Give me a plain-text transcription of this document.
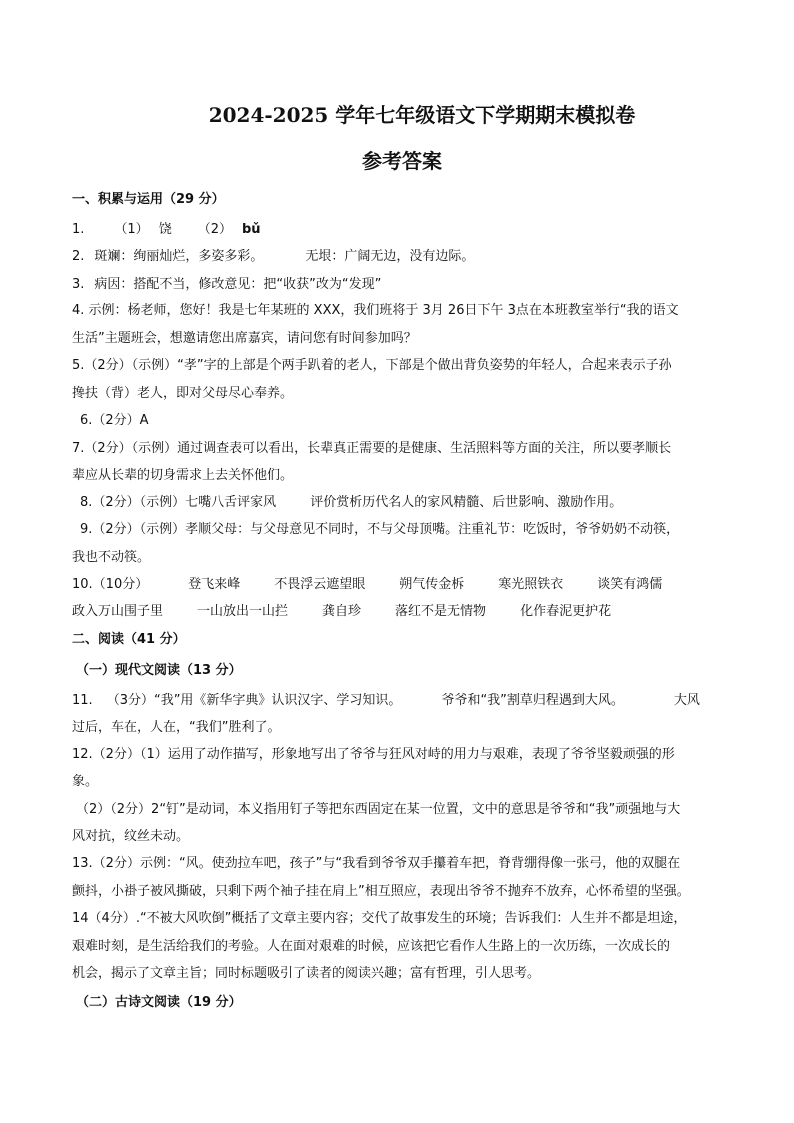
2024-2025 学年七年级语文下学期期末模拟卷
参考答案
一、积累与运用（29 分）
1. （1） 饶 （2） bǔ
2. 斑斓：绚丽灿烂，多姿多彩。	无垠：广阔无边，没有边际。
3. 病因：搭配不当，修改意见：把“收获”改为“发现”
4. 示例：杨老师，您好！我是七年某班的 XXX，我们班将于 3月 26日下午 3点在本班教室举行“我的语文
生活”主题班会，想邀请您出席嘉宾，请问您有时间参加吗？
5.（2分）（示例）“孝”字的上部是个两手趴着的老人，下部是个做出背负姿势的年轻人，合起来表示子孙
搀扶（背）老人，即对父母尽心奉养。
6.（2分）A
7.（2分）（示例）通过调查表可以看出，长辈真正需要的是健康、生活照料等方面的关注，所以要孝顺长
辈应从长辈的切身需求上去关怀他们。
8.（2分）（示例）七嘴八舌评家风	评价赏析历代名人的家风精髓、后世影响、激励作用。
9.（2分）（示例）孝顺父母：与父母意见不同时，不与父母顶嘴。注重礼节：吃饭时，爷爷奶奶不动筷，
我也不动筷。
10.（10分）	登飞来峰	不畏浮云遮望眼	朔气传金柝	寒光照铁衣	谈笑有鸿儒
政入万山围子里	一山放出一山拦	龚自珍	落红不是无情物	化作春泥更护花
二、阅读（41 分）
（一）现代文阅读（13 分）
11. （3分）“我”用《新华字典》认识汉字、学习知识。	爷爷和“我”割草归程遇到大风。	大风
过后，车在，人在，“我们”胜利了。
12.（2分）（1）运用了动作描写，形象地写出了爷爷与狂风对峙的用力与艰难，表现了爷爷坚毅顽强的形
象。
（2）（2分）2“钉”是动词，本义指用钉子等把东西固定在某一位置，文中的意思是爷爷和“我”顽强地与大
风对抗，纹丝未动。
13.（2分）示例：“风。使劲拉车吧，孩子”与“我看到爷爷双手攥着车把，脊背绷得像一张弓，他的双腿在
颤抖，小褂子被风撕破，只剩下两个袖子挂在肩上”相互照应，表现出爷爷不抛弃不放弃，心怀希望的坚强。
14（4分）.“不被大风吹倒”概括了文章主要内容；交代了故事发生的环境；告诉我们：人生并不都是坦途，
艰难时刻，是生活给我们的考验。人在面对艰难的时候，应该把它看作人生路上的一次历练，一次成长的
机会，揭示了文章主旨；同时标题吸引了读者的阅读兴趣；富有哲理，引人思考。
（二）古诗文阅读（19 分）
